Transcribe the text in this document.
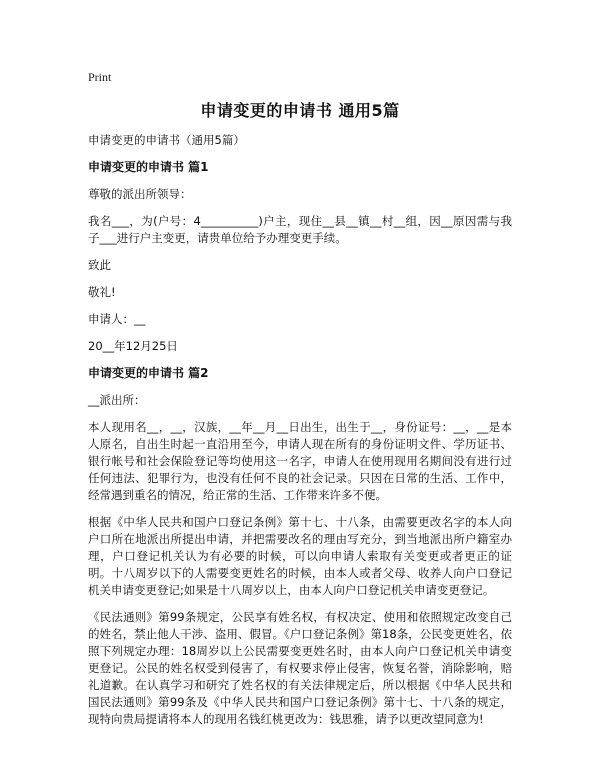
Print
申请变更的申请书 通用5篇

申请变更的申请书（通用5篇）

申请变更的申请书 篇1

尊敬的派出所领导：

我名___，为(户号：4__________)户主，现住__县__镇__村__组，因__原因需与我子___进行户主变更，请贵单位给予办理变更手续。

致此

敬礼!

申请人：__

20__年12月25日

申请变更的申请书 篇2

__派出所：

本人现用名__，__，汉族，__年__月__日出生，出生于__，身份证号：__，__是本人原名，自出生时起一直沿用至今，申请人现在所有的身份证明文件、学历证书、银行帐号和社会保险登记等均使用这一名字，申请人在使用现用名期间没有进行过任何违法、犯罪行为，也没有任何不良的社会记录。只因在日常的生活、工作中，经常遇到重名的情况，给正常的生活、工作带来许多不便。

根据《中华人民共和国户口登记条例》第十七、十八条，由需要更改名字的本人向户口所在地派出所提出申请，并把需要改名的理由写充分，到当地派出所户籍室办理，户口登记机关认为有必要的时候，可以向申请人索取有关变更或者更正的证明。十八周岁以下的人需要变更姓名的时候，由本人或者父母、收养人向户口登记机关申请变更登记;如果是十八周岁以上，由本人向户口登记机关申请变更登记。

《民法通则》第99条规定，公民享有姓名权，有权决定、使用和依照规定改变自己的姓名，禁止他人干涉、盗用、假冒。《户口登记条例》第18条，公民变更姓名，依照下列规定办理：18周岁以上公民需要变更姓名时，由本人向户口登记机关申请变更登记。公民的姓名权受到侵害了，有权要求停止侵害，恢复名誉，消除影响，赔礼道歉。在认真学习和研究了姓名权的有关法律规定后，所以根据《中华人民共和国民法通则》第99条及《中华人民共和国户口登记条例》第十七、十八条的规定，现特向贵局提请将本人的现用名钱红桃更改为：钱思雅，请予以更改望同意为!
